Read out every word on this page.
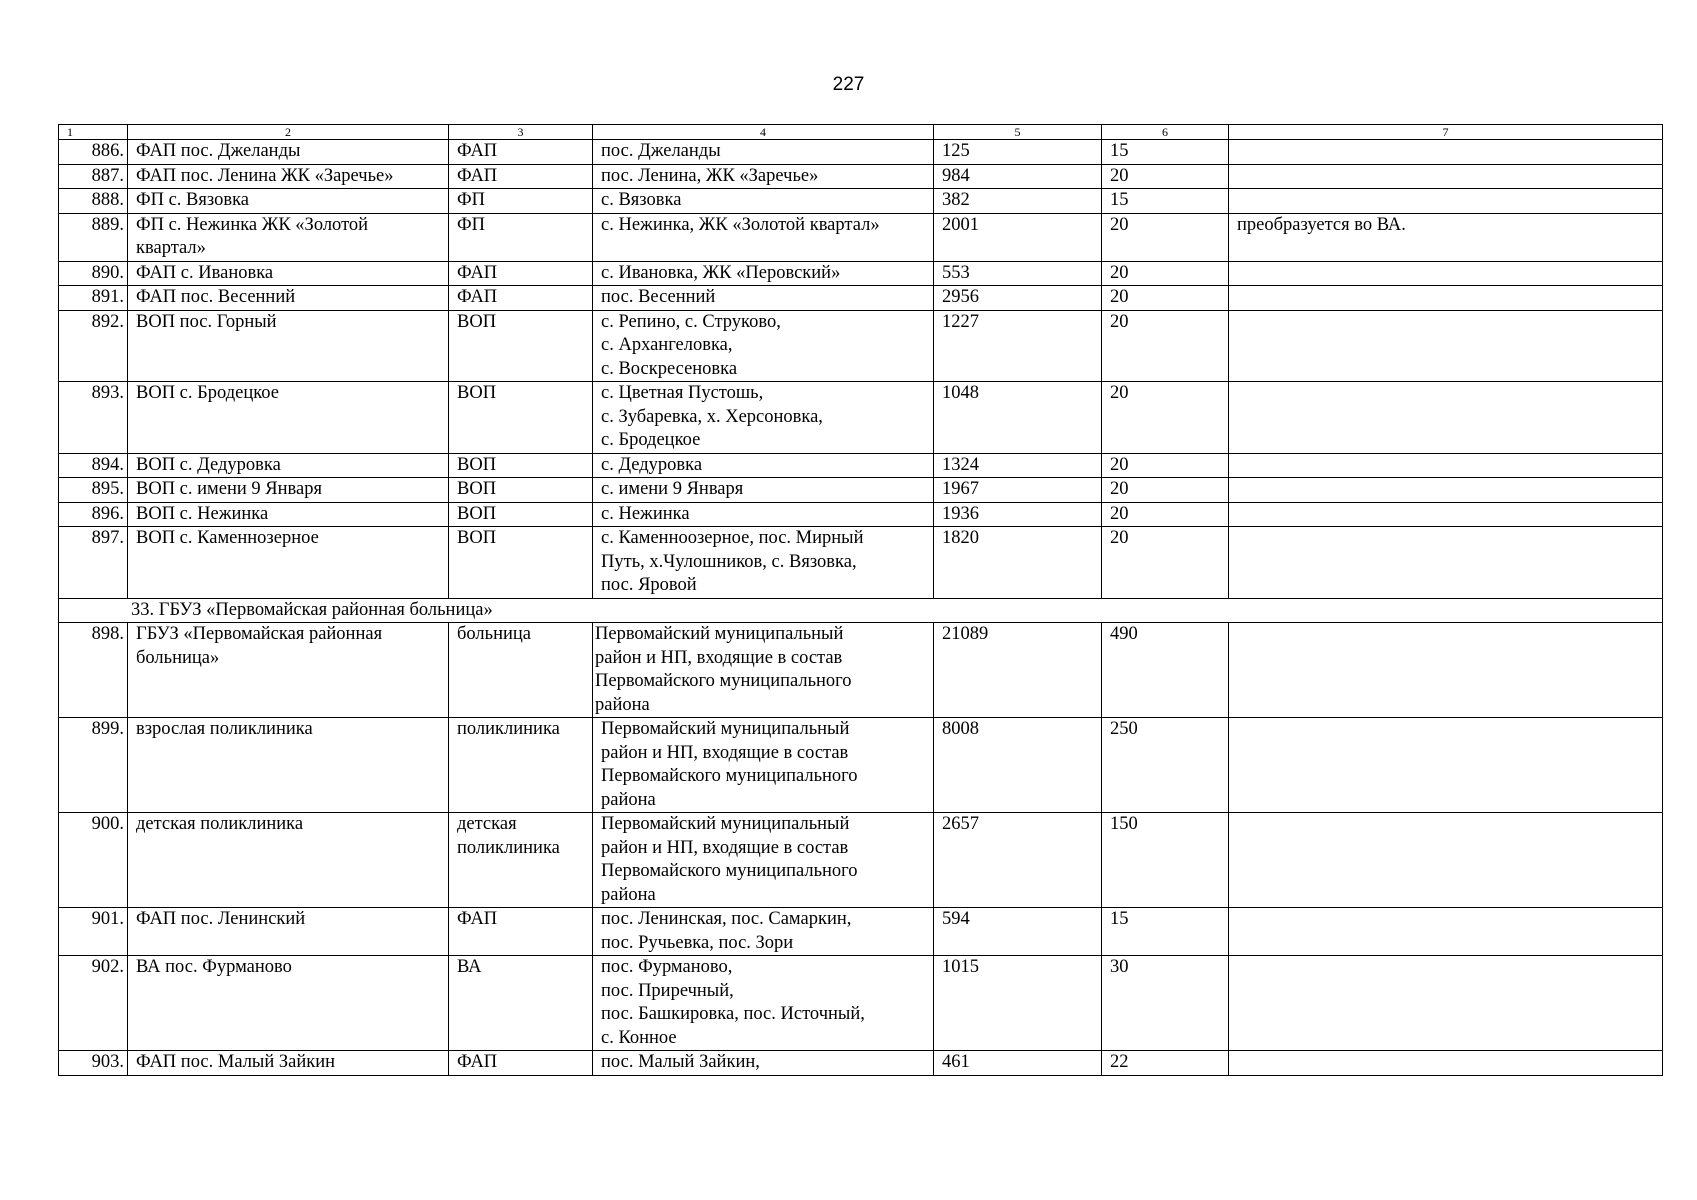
227
1	2	3	4	5	6	7
886.	ФАП пос. Джеланды	ФАП	пос. Джеланды	125	15	
887.	ФАП пос. Ленина ЖК «Заречье»	ФАП	пос. Ленина, ЖК «Заречье»	984	20	
888.	ФП с. Вязовка	ФП	с. Вязовка	382	15	
889.	ФП с. Нежинка ЖК «Золотой
квартал»	ФП	с. Нежинка, ЖК «Золотой квартал»	2001	20	преобразуется во ВА.
890.	ФАП с. Ивановка	ФАП	с. Ивановка, ЖК «Перовский»	553	20	
891.	ФАП пос. Весенний	ФАП	пос. Весенний	2956	20	
892.	ВОП пос. Горный	ВОП	с. Репино, с. Струково,
с. Архангеловка,
с. Воскресеновка	1227	20	
893.	ВОП с. Бродецкое	ВОП	с. Цветная Пустошь,
с. Зубаревка, х. Херсоновка,
с. Бродецкое	1048	20	
894.	ВОП с. Дедуровка	ВОП	с. Дедуровка	1324	20	
895.	ВОП с. имени 9 Января	ВОП	с. имени 9 Января	1967	20	
896.	ВОП с. Нежинка	ВОП	с. Нежинка	1936	20	
897.	ВОП с. Каменнозерное	ВОП	с. Каменноозерное, пос. Мирный
Путь, х.Чулошников, с. Вязовка,
пос. Яровой	1820	20	
33. ГБУЗ «Первомайская районная больница»						
898.	ГБУЗ «Первомайская районная
больница»	больница	Первомайский муниципальный
район и НП, входящие в состав
Первомайского муниципального
района	21089	490	
899.	взрослая поликлиника	поликлиника	Первомайский муниципальный
район и НП, входящие в состав
Первомайского муниципального
района	8008	250	
900.	детская поликлиника	детская
поликлиника	Первомайский муниципальный
район и НП, входящие в состав
Первомайского муниципального
района	2657	150	
901.	ФАП пос. Ленинский	ФАП	пос. Ленинская, пос. Самаркин,
пос. Ручьевка, пос. Зори	594	15	
902.	ВА пос. Фурманово	ВА	пос. Фурманово,
пос. Приречный,
пос. Башкировка, пос. Источный,
с. Конное	1015	30	
903.	ФАП пос. Малый Зайкин	ФАП	пос. Малый Зайкин,	461	22	
